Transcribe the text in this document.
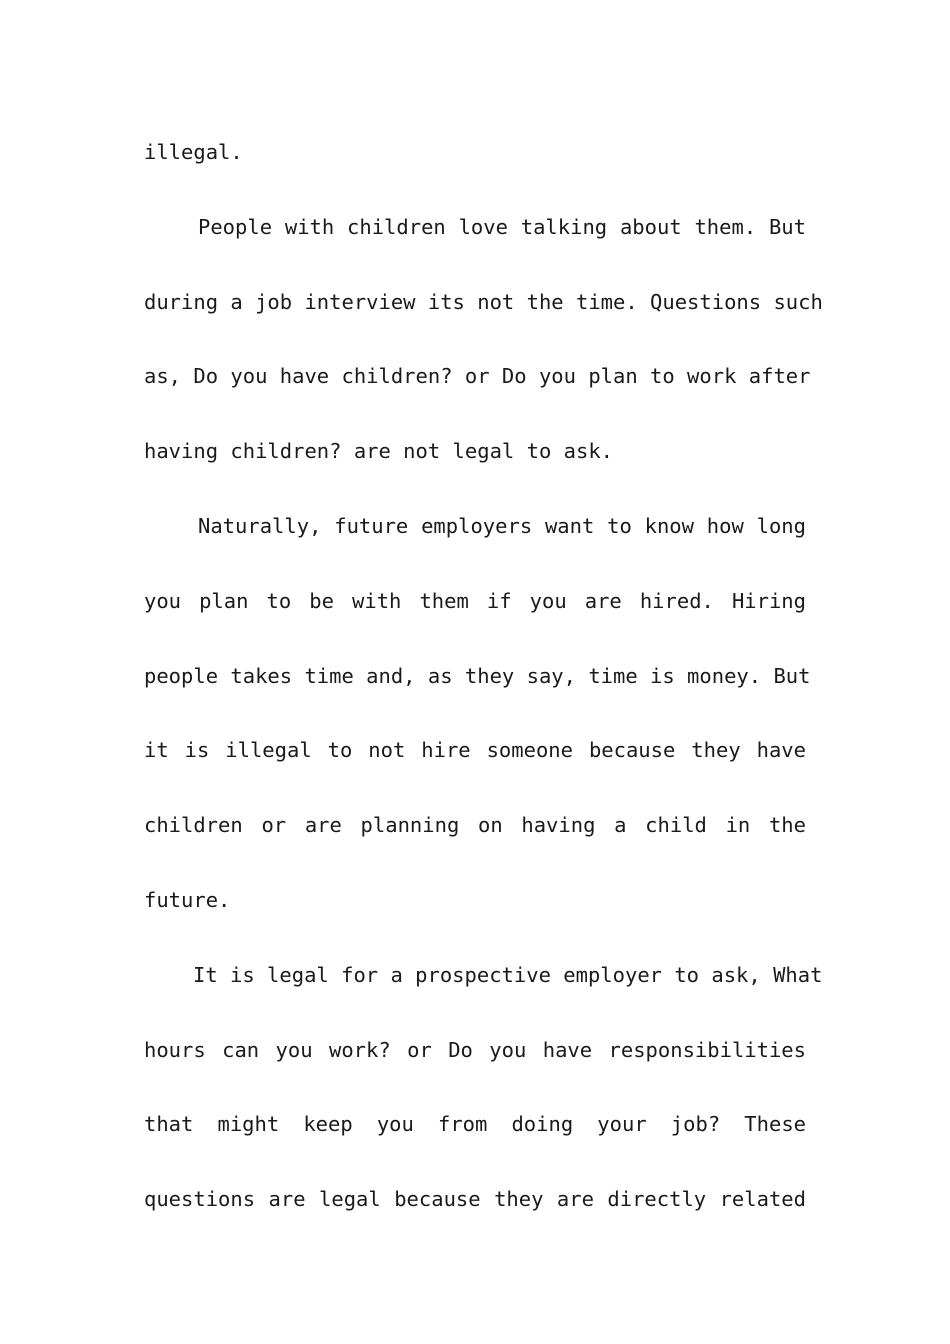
illegal.
People with children love talking about them. But
during a job interview its not the time. Questions such
as, Do you have children? or Do you plan to work after
having children? are not legal to ask.
Naturally, future employers want to know how long
you plan to be with them if you are hired. Hiring
people takes time and, as they say, time is money. But
it is illegal to not hire someone because they have
children or are planning on having a child in the
future.
It is legal for a prospective employer to ask, What
hours can you work? or Do you have responsibilities
that might keep you from doing your job? These
questions are legal because they are directly related
